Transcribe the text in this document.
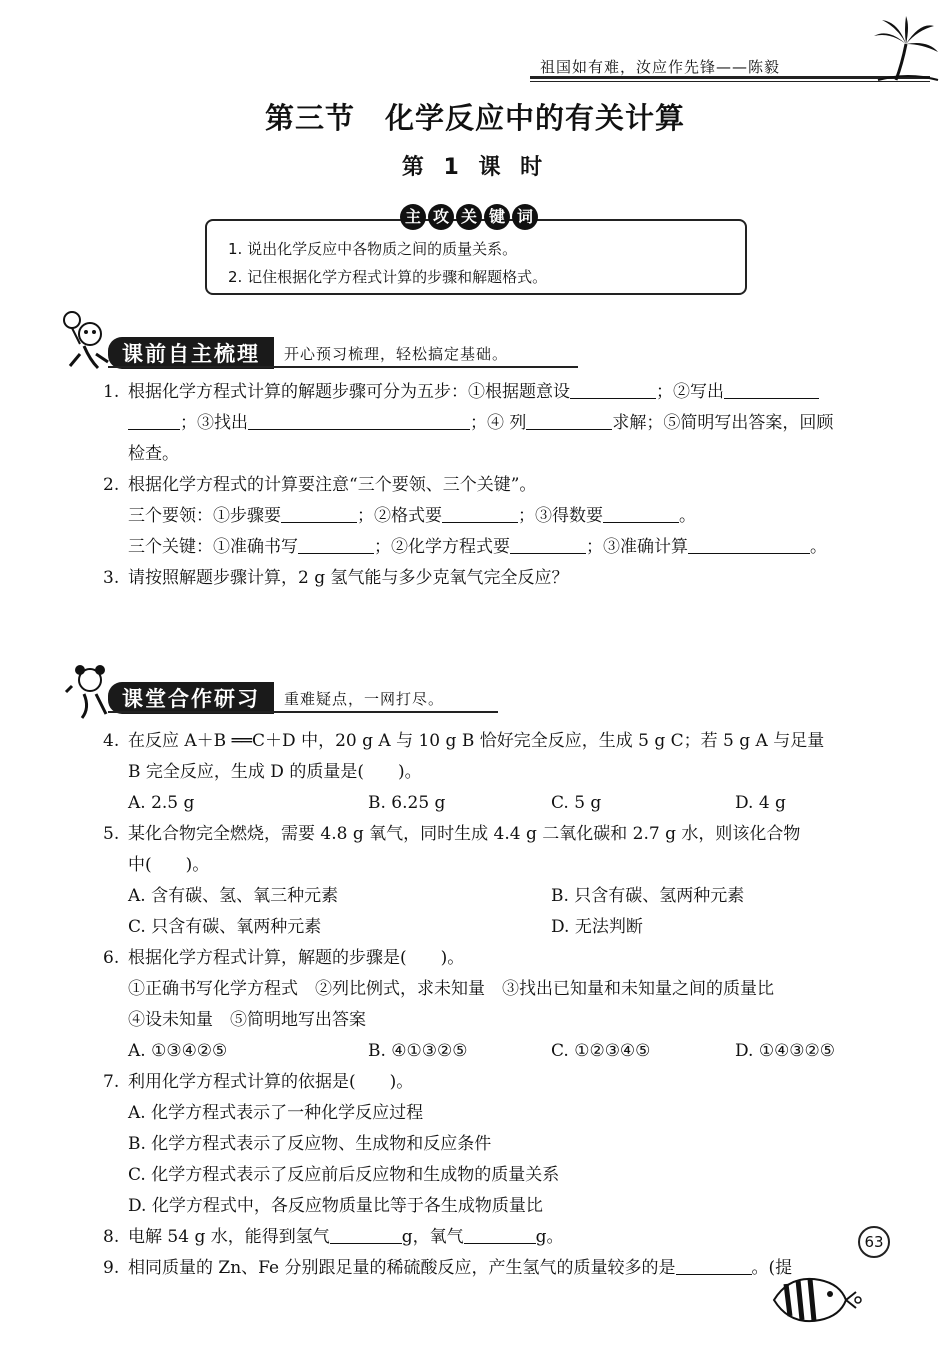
祖国如有难，汝应作先锋——陈毅
第三节　化学反应中的有关计算
第 1 课 时
主 攻 关 键 词
1. 说出化学反应中各物质之间的质量关系。
2. 记住根据化学方程式计算的步骤和解题格式。
课前自主梳理	开心预习梳理，轻松搞定基础。
1. 根据化学方程式计算的解题步骤可分为五步：①根据题意设	；②写出
；③找出	；④ 列	求解；⑤简明写出答案，回顾
检查。
2. 根据化学方程式的计算要注意“三个要领、三个关键”。
三个要领：①步骤要	；②格式要	；③得数要	。
三个关键：①准确书写	；②化学方程式要	；③准确计算	。
3. 请按照解题步骤计算，2 g 氢气能与多少克氧气完全反应？
课堂合作研习	重难疑点，一网打尽。
4. 在反应 A＋B ══C＋D 中，20 g A 与 10 g B 恰好完全反应，生成 5 g C；若 5 g A 与足量
B 完全反应，生成 D 的质量是(　　)。
A. 2.5 g	B. 6.25 g	C. 5 g	D. 4 g
5. 某化合物完全燃烧，需要 4.8 g 氧气，同时生成 4.4 g 二氧化碳和 2.7 g 水，则该化合物
中(　　)。
A. 含有碳、氢、氧三种元素	B. 只含有碳、氢两种元素
C. 只含有碳、氧两种元素	D. 无法判断
6. 根据化学方程式计算，解题的步骤是(　　)。
①正确书写化学方程式　②列比例式，求未知量　③找出已知量和未知量之间的质量比
④设未知量　⑤简明地写出答案
A. ①③④②⑤	B. ④①③②⑤	C. ①②③④⑤	D. ①④③②⑤
7. 利用化学方程式计算的依据是(　　)。
A. 化学方程式表示了一种化学反应过程
B. 化学方程式表示了反应物、生成物和反应条件
C. 化学方程式表示了反应前后反应物和生成物的质量关系
D. 化学方程式中，各反应物质量比等于各生成物质量比
8. 电解 54 g 水，能得到氢气	g，氧气	g。
9. 相同质量的 Zn、Fe 分别跟足量的稀硫酸反应，产生氢气的质量较多的是	。(提
63
